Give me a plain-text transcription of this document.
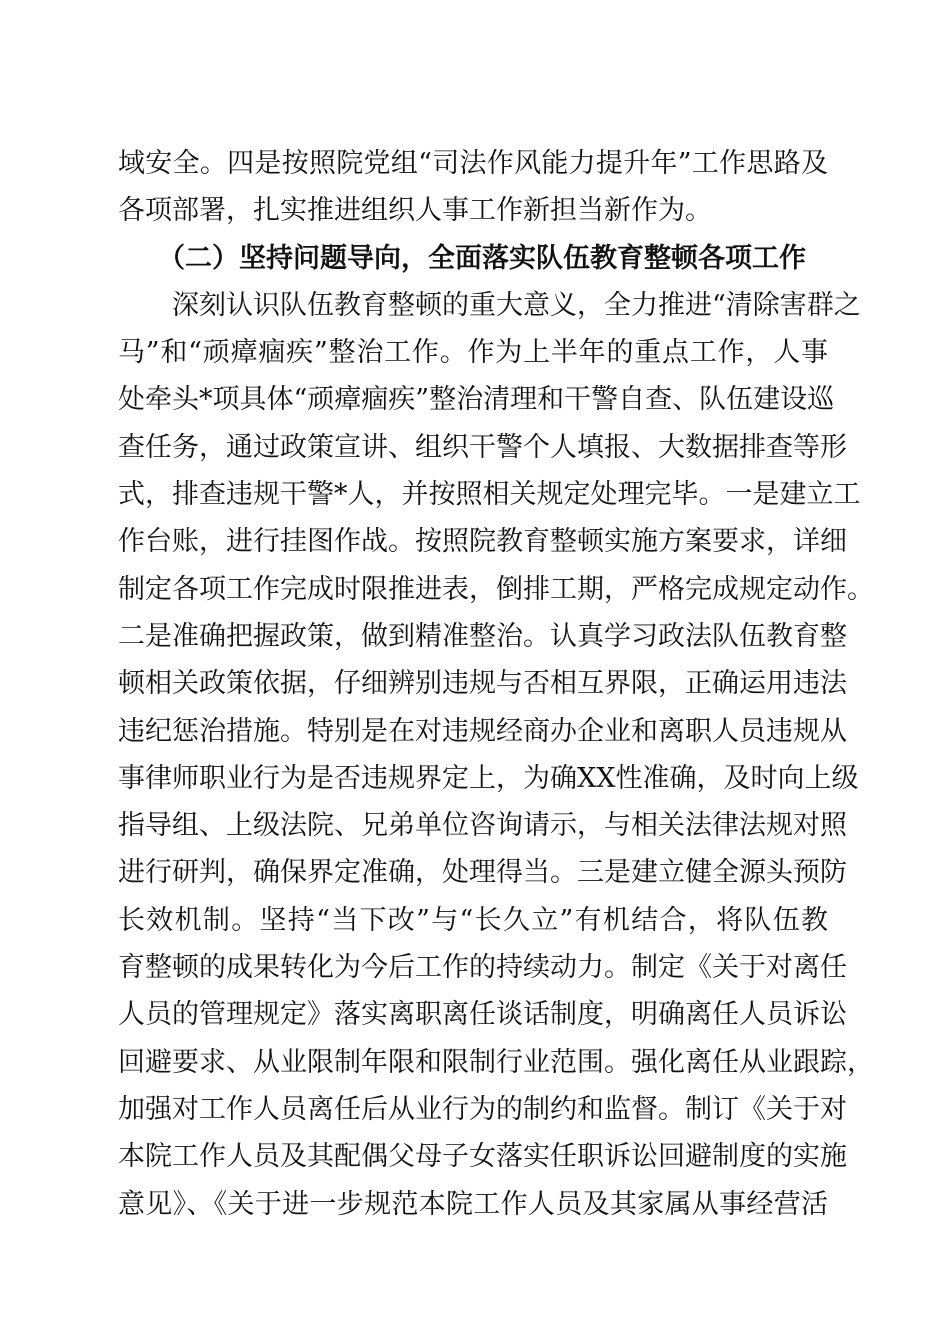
域安全。四是按照院党组“司法作风能力提升年”工作思路及
各项部署，扎实推进组织人事工作新担当新作为。
（二）坚持问题导向，全面落实队伍教育整顿各项工作
深刻认识队伍教育整顿的重大意义，全力推进“清除害群之
马”和“顽瘴痼疾”整治工作。作为上半年的重点工作，人事
处牵头*项具体“顽瘴痼疾”整治清理和干警自查、队伍建设巡
查任务，通过政策宣讲、组织干警个人填报、大数据排查等形
式，排查违规干警*人，并按照相关规定处理完毕。一是建立工
作台账，进行挂图作战。按照院教育整顿实施方案要求，详细
制定各项工作完成时限推进表，倒排工期，严格完成规定动作。
二是准确把握政策，做到精准整治。认真学习政法队伍教育整
顿相关政策依据，仔细辨别违规与否相互界限，正确运用违法
违纪惩治措施。特别是在对违规经商办企业和离职人员违规从
事律师职业行为是否违规界定上，为确XX性准确，及时向上级
指导组、上级法院、兄弟单位咨询请示，与相关法律法规对照
进行研判，确保界定准确，处理得当。三是建立健全源头预防
长效机制。坚持“当下改”与“长久立”有机结合，将队伍教
育整顿的成果转化为今后工作的持续动力。制定《关于对离任
人员的管理规定》落实离职离任谈话制度，明确离任人员诉讼
回避要求、从业限制年限和限制行业范围。强化离任从业跟踪，
加强对工作人员离任后从业行为的制约和监督。制订《关于对
本院工作人员及其配偶父母子女落实任职诉讼回避制度的实施
意见》、《关于进一步规范本院工作人员及其家属从事经营活
